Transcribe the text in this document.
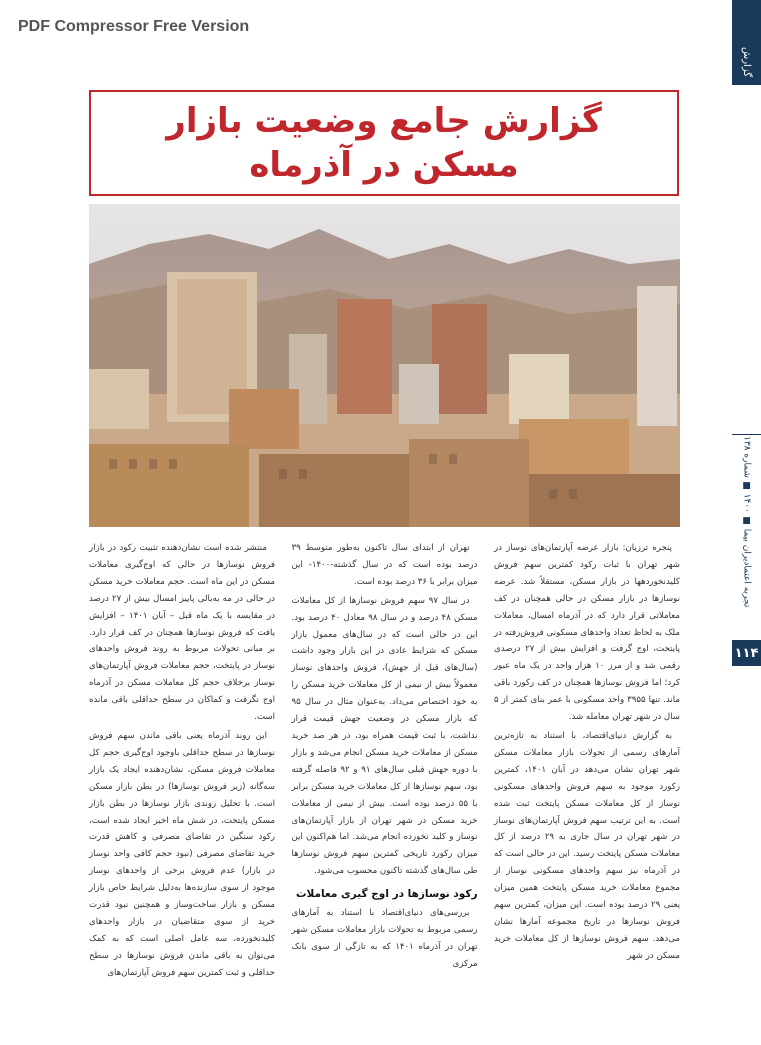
PDF Compressor Free Version
گزارش
تجربه اعتمادیران بیما ■ ۱۴۰۰ ■ شماره ۱۳۸
۱۱۴
گزارش جامع وضعیت بازار
مسکن در آذرماه

پنجره ترزیان: بازار عرضه آپارتمان‌های نوساز در شهر تهران با ثبات رکود کمترین سهم فروش کلیدنخوردهها در بازار مسکن، مستقلاً شد. عرضه نوسازها در بازار مسکن در حالی همچنان در کف معاملاتی قرار دارد که در آذرماه امسال، معاملات ملک به لحاظ تعداد واحدهای مسکونی فروش‌رفته در پایتخت، اوج گرفت و افزایش بیش از ۲۷ درصدی رقمی شد و از مرز ۱۰ هزار واحد در یک ماه عبور کرد؛ اما فروش نوسازها همچنان در کف رکورد باقی ماند. تنها ۳۹۵۵ واحد مسکونی با عمر بنای کمتر از ۵ سال در شهر تهران معامله شد.

به گزارش دنیای‌اقتصاد، با استناد به تازه‌ترین آمارهای رسمی از تحولات بازار معاملات مسکن شهر تهران نشان می‌دهد در آبان ۱۴۰۱، کمترین رکورد موجود به سهم فروش واحدهای مسکونی نوساز از کل معاملات مسکن پایتخت ثبت شده است. به این ترتیب سهم فروش آپارتمان‌های نوساز در شهر تهران در سال جاری به ۲۹ درصد از کل معاملات مسکن پایتخت رسید. این در حالی است که در آذرماه نیز سهم واحدهای مسکونی نوساز از مجموع معاملات خرید مسکن پایتخت همین میزان یعنی ۲۹ درصد بوده است. این میزان، کمترین سهم فروش نوسازها در تاریخ مجموعه آمارها نشان می‌دهد. سهم فروش نوسازها از کل معاملات خرید مسکن در شهر

تهران از ابتدای سال تاکنون به‌طور متوسط ۳۹ درصد بوده است که در سال گذشته-۱۴۰۰- این میزان برابر با ۳۶ درصد بوده است.

در سال ۹۷ سهم فروش نوسازها از کل معاملات مسکن ۴۸ درصد و در سال ۹۸ معادل ۴۰ درصد بود. این در حالی است که در سال‌های معمول بازار مسکن که شرایط عادی در این بازار وجود داشت (سال‌های قبل از جهش)، فروش واحدهای نوساز معمولاً بیش از نیمی از کل معاملات خرید مسکن را به خود اختصاص می‌داد. به‌عنوان مثال در سال ۹۵ که بازار مسکن در وضعیت جهش قیمت قرار نداشت، با ثبت قیمت همراه بود، در هر صد خرید مسکن از معاملات خرید مسکن انجام می‌شد و بازار با دوره جهش قبلی سال‌های ۹۱ و ۹۲ فاصله گرفته بود، سهم نوسازها از کل معاملات خرید مسکن برابر با ۵۵ درصد بوده است. بیش از نیمی از معاملات خرید مسکن در شهر تهران از بازار آپارتمان‌های نوساز و کلید نخورده انجام می‌شد. اما هم‌اکنون این میزان رکورد تاریخی کمترین سهم فروش نوسازها طی سال‌های گذشته تاکنون محسوب می‌شود.

رکود نوسازها در اوج گیری معاملات

بررسی‌های دنیای‌اقتصاد با استناد به آمارهای رسمی مربوط به تحولات بازار معاملات مسکن شهر تهران در آذرماه ۱۴۰۱ که به تازگی از سوی بانک مرکزی

منتشر شده است نشان‌دهنده تثبیت رکود در بازار فروش نوسازها در حالی که اوج‌گیری معاملات مسکن در این ماه است. حجم معاملات خرید مسکن در حالی در مه به‌بالی پاییز امسال بیش از ۲۷ درصد در مقایسه با یک ماه قبل – آبان ۱۴۰۱ – افزایش یافت که فروش نوسازها همچنان در کف قرار دارد. بر مبانی تحولات مربوط به روند فروش واحدهای نوساز در پایتخت، حجم معاملات فروش آپارتمان‌های نوساز برخلاف حجم کل معاملات مسکن در آذرماه اوج نگرفت و کماکان در سطح حداقلی باقی مانده است.

این روند آذرماه یعنی باقی ماندن سهم فروش نوسازها در سطح حداقلی باوجود اوج‌گیری حجم کل معاملات فروش مسکن، نشان‌دهنده ایجاد یک بازار سه‌گانه (زیر فروش نوسازها) در بطن بازار مسکن است. با تحلیل روندی بازار نوسازها در بطن بازار مسکن پایتخت، در شش ماه اخیر ایجاد شده است، رکود سنگین در تقاضای مصرفی و کاهش قدرت خرید تقاضای مصرفی (نبود حجم کافی واحد نوساز در بازار) عدم فروش برخی از واحدهای نوساز موجود از سوی سازنده‌ها به‌دلیل شرایط خاص بازار مسکن و بازار ساخت‌وساز و همچنین نبود قدرت خرید از سوی متقاضیان در بازار واحدهای کلیدنخورده، سه عامل اصلی است که به کمک می‌توان به باقی ماندن فروش نوسازها در سطح حداقلی و ثبت کمترین سهم فروش آپارتمان‌های
